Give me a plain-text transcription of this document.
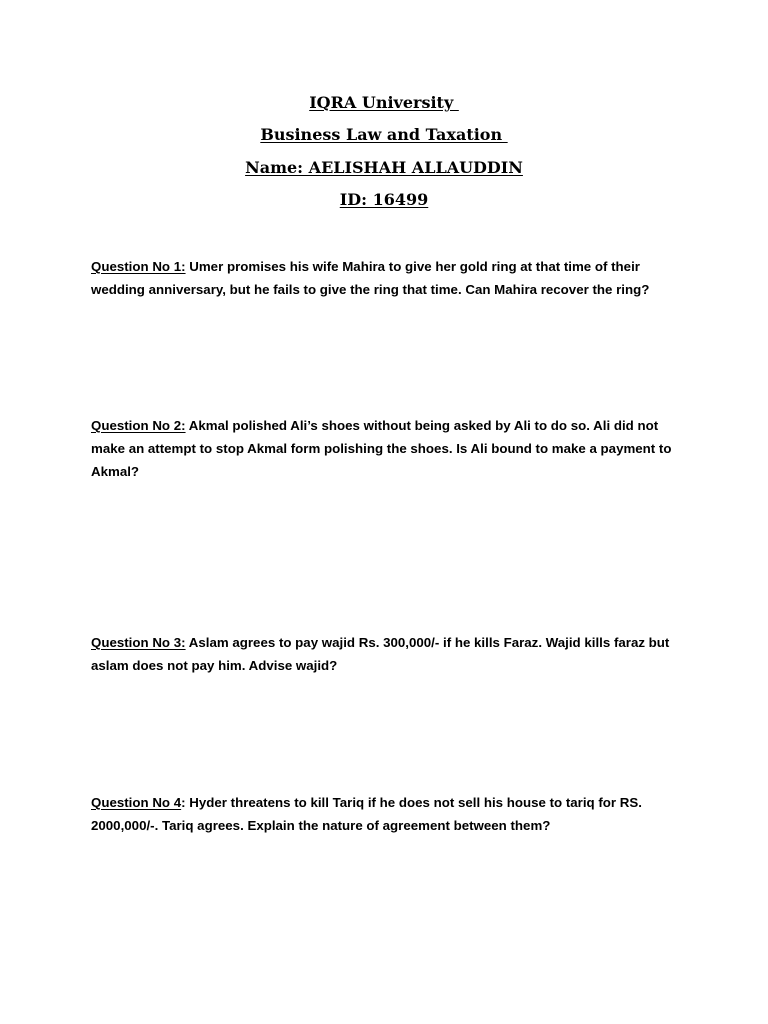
IQRA University
Business Law and Taxation
Name: AELISHAH ALLAUDDIN
ID: 16499
Question No 1: Umer promises his wife Mahira to give her gold ring at that time of their wedding anniversary, but he fails to give the ring that time. Can Mahira recover the ring?
Question No 2: Akmal polished Ali’s shoes without being asked by Ali to do so. Ali did not make an attempt to stop Akmal form polishing the shoes. Is Ali bound to make a payment to Akmal?
Question No 3: Aslam agrees to pay wajid Rs. 300,000/- if he kills Faraz. Wajid kills faraz but aslam does not pay him. Advise wajid?
Question No 4: Hyder threatens to kill Tariq if he does not sell his house to tariq for RS. 2000,000/-. Tariq agrees. Explain the nature of agreement between them?
